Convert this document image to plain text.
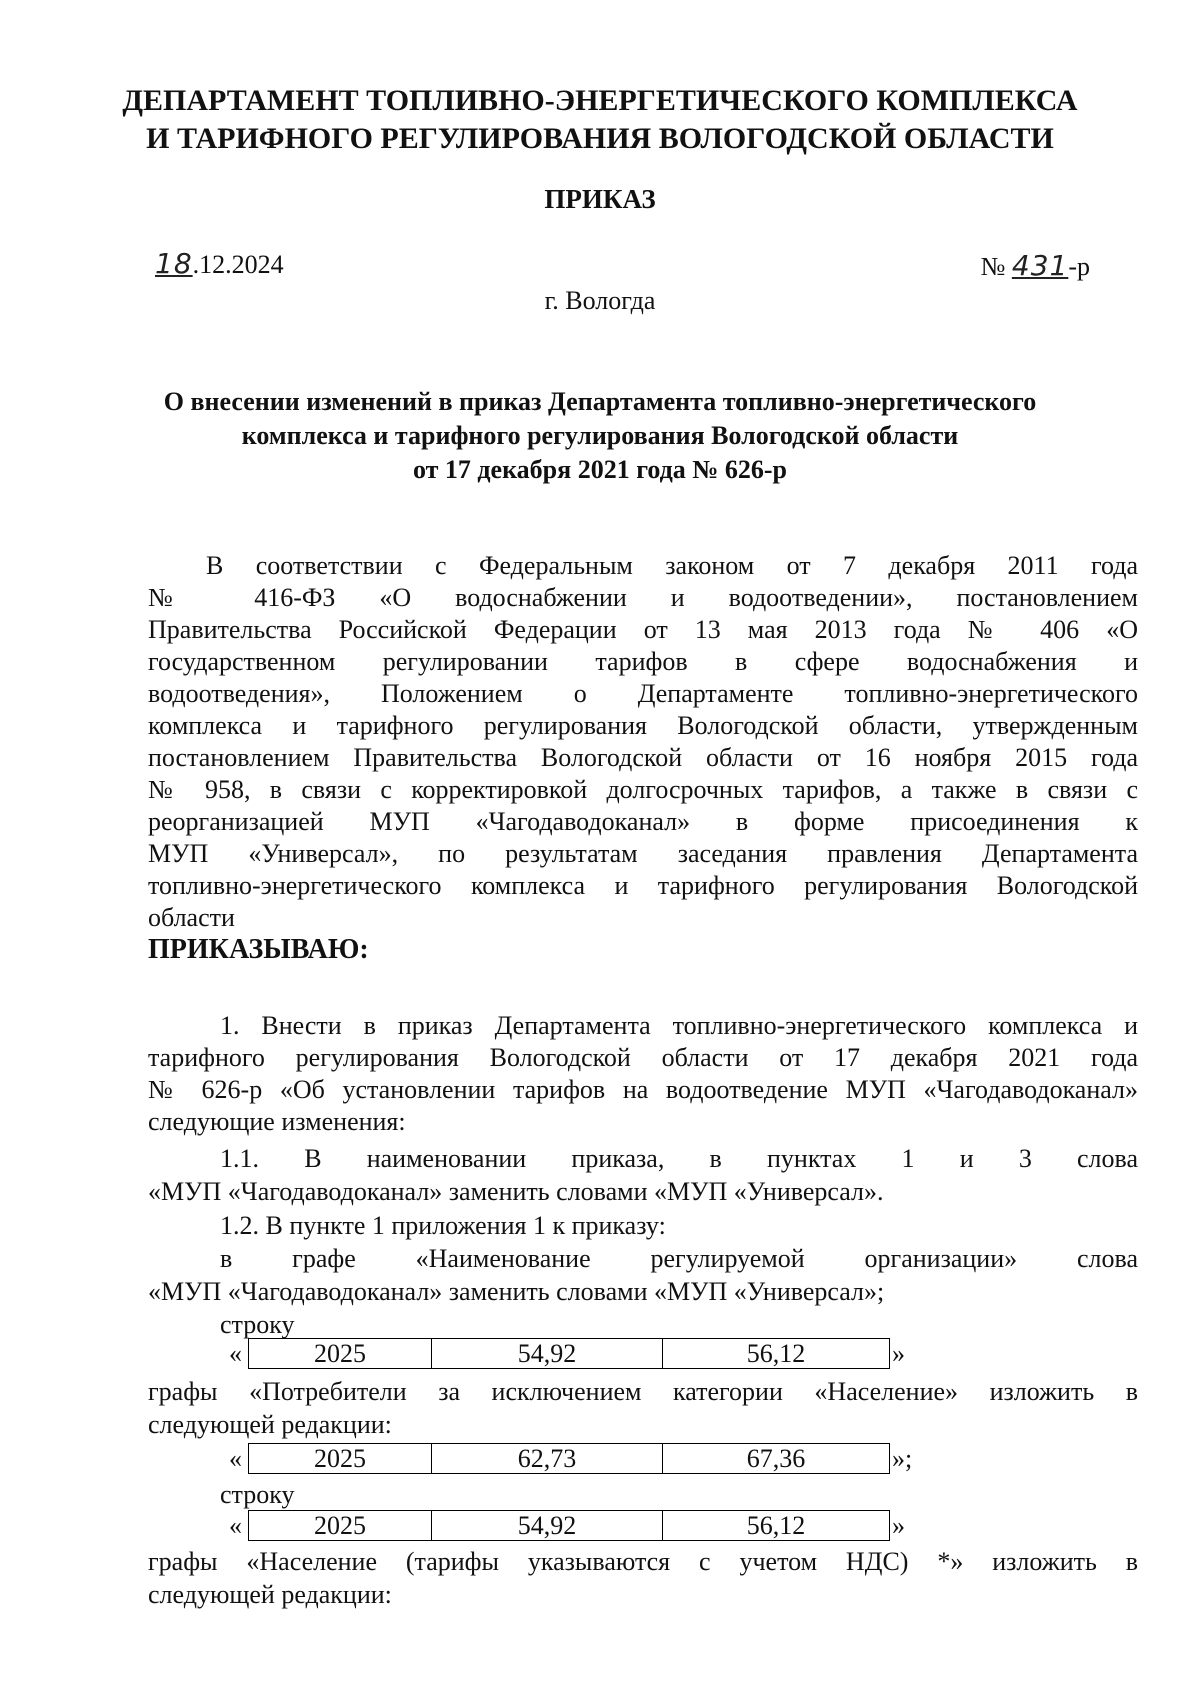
ДЕПАРТАМЕНТ ТОПЛИВНО-ЭНЕРГЕТИЧЕСКОГО КОМПЛЕКСА
И ТАРИФНОГО РЕГУЛИРОВАНИЯ ВОЛОГОДСКОЙ ОБЛАСТИ
ПРИКАЗ
18.12.2024	№ 431-р
г. Вологда
О внесении изменений в приказ Департамента топливно-энергетического
комплекса и тарифного регулирования Вологодской области
от 17 декабря 2021 года № 626-р
В соответствии с Федеральным законом от 7 декабря 2011 года
№ 416-ФЗ «О водоснабжении и водоотведении», постановлением
Правительства Российской Федерации от 13 мая 2013 года № 406 «О
государственном регулировании тарифов в сфере водоснабжения и
водоотведения», Положением о Департаменте топливно-энергетического
комплекса и тарифного регулирования Вологодской области, утвержденным
постановлением Правительства Вологодской области от 16 ноября 2015 года
№ 958, в связи с корректировкой долгосрочных тарифов, а также в связи с
реорганизацией МУП «Чагодаводоканал» в форме присоединения к
МУП «Универсал», по результатам заседания правления Департамента
топливно-энергетического комплекса и тарифного регулирования Вологодской
области
ПРИКАЗЫВАЮ:
1. Внести в приказ Департамента топливно-энергетического комплекса и
тарифного регулирования Вологодской области от 17 декабря 2021 года
№ 626-р «Об установлении тарифов на водоотведение МУП «Чагодаводоканал»
следующие изменения:
1.1. В наименовании приказа, в пунктах 1 и 3 слова
«МУП «Чагодаводоканал» заменить словами «МУП «Универсал».
1.2. В пункте 1 приложения 1 к приказу:
в графе «Наименование регулируемой организации» слова
«МУП «Чагодаводоканал» заменить словами «МУП «Универсал»;
строку
«	2025	54,92	56,12	»
графы «Потребители за исключением категории «Население» изложить в
следующей редакции:
«	2025	62,73	67,36	»;
строку
«	2025	54,92	56,12	»
графы «Население (тарифы указываются с учетом НДС) *» изложить в
следующей редакции:
